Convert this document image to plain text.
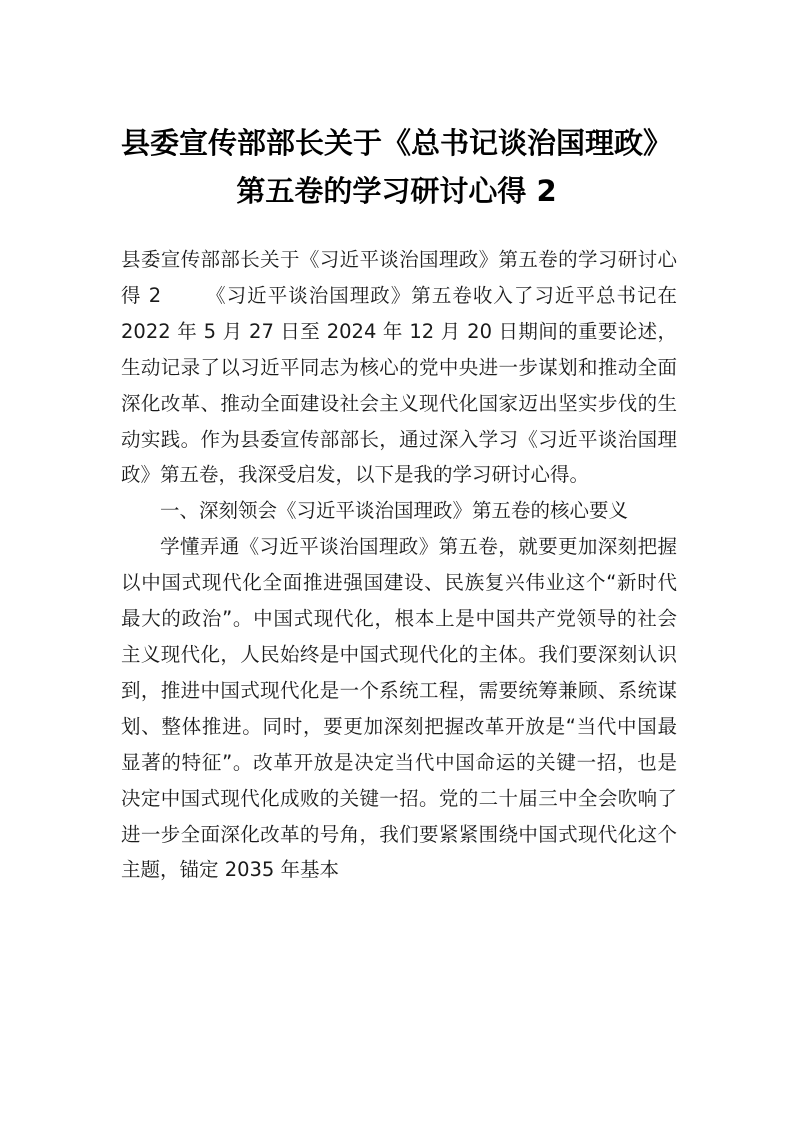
县委宣传部部长关于《总书记谈治国理政》
第五卷的学习研讨心得 2

县委宣传部部长关于《习近平谈治国理政》第五卷的学习研讨心得 2 《习近平谈治国理政》第五卷收入了习近平总书记在 2022 年 5 月 27 日至 2024 年 12 月 20 日期间的重要论述，生动记录了以习近平同志为核心的党中央进一步谋划和推动全面深化改革、推动全面建设社会主义现代化国家迈出坚实步伐的生动实践。作为县委宣传部部长，通过深入学习《习近平谈治国理政》第五卷，我深受启发，以下是我的学习研讨心得。

一、深刻领会《习近平谈治国理政》第五卷的核心要义

学懂弄通《习近平谈治国理政》第五卷，就要更加深刻把握以中国式现代化全面推进强国建设、民族复兴伟业这个“新时代最大的政治”。中国式现代化，根本上是中国共产党领导的社会主义现代化，人民始终是中国式现代化的主体。我们要深刻认识到，推进中国式现代化是一个系统工程，需要统筹兼顾、系统谋划、整体推进。同时，要更加深刻把握改革开放是“当代中国最显著的特征”。改革开放是决定当代中国命运的关键一招，也是决定中国式现代化成败的关键一招。党的二十届三中全会吹响了进一步全面深化改革的号角，我们要紧紧围绕中国式现代化这个主题，锚定 2035 年基本
